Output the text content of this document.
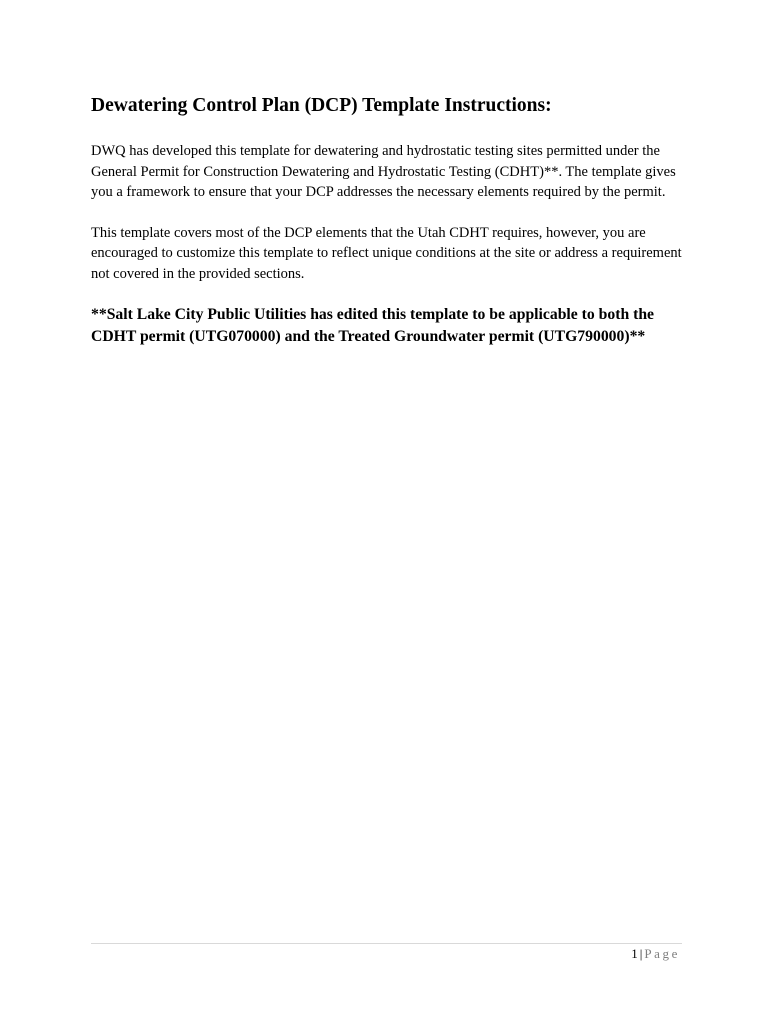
Dewatering Control Plan (DCP) Template Instructions:

DWQ has developed this template for dewatering and hydrostatic testing sites permitted under the General Permit for Construction Dewatering and Hydrostatic Testing (CDHT)**. The template gives you a framework to ensure that your DCP addresses the necessary elements required by the permit.

This template covers most of the DCP elements that the Utah CDHT requires, however, you are encouraged to customize this template to reflect unique conditions at the site or address a requirement not covered in the provided sections.

**Salt Lake City Public Utilities has edited this template to be applicable to both the CDHT permit (UTG070000) and the Treated Groundwater permit (UTG790000)**

1 | Page
